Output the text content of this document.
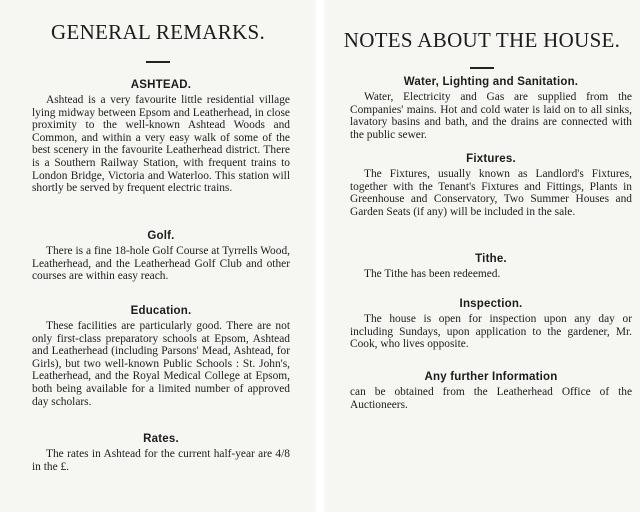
GENERAL REMARKS.
ASHTEAD.

Ashtead is a very favourite little residential village lying midway between Epsom and Leatherhead, in close proximity to the well-known Ashtead Woods and Common, and within a very easy walk of some of the best scenery in the favourite Leatherhead district. There is a Southern Railway Station, with frequent trains to London Bridge, Victoria and Waterloo. This station will shortly be served by frequent electric trains.

Golf.

There is a fine 18-hole Golf Course at Tyrrells Wood, Leatherhead, and the Leatherhead Golf Club and other courses are within easy reach.

Education.

These facilities are particularly good. There are not only first-class preparatory schools at Epsom, Ashtead and Leatherhead (including Parsons' Mead, Ashtead, for Girls), but two well-known Public Schools : St. John's, Leatherhead, and the Royal Medical College at Epsom, both being available for a limited number of approved day scholars.

Rates.

The rates in Ashtead for the current half-year are 4/8 in the £.

NOTES ABOUT THE HOUSE.
Water, Lighting and Sanitation.

Water, Electricity and Gas are supplied from the Companies' mains. Hot and cold water is laid on to all sinks, lavatory basins and bath, and the drains are connected with the public sewer.

Fixtures.

The Fixtures, usually known as Landlord's Fixtures, together with the Tenant's Fixtures and Fittings, Plants in Greenhouse and Conservatory, Two Summer Houses and Garden Seats (if any) will be included in the sale.

Tithe.

The Tithe has been redeemed.

Inspection.

The house is open for inspection upon any day or including Sundays, upon application to the gardener, Mr. Cook, who lives opposite.

Any further Information

can be obtained from the Leatherhead Office of the Auctioneers.
